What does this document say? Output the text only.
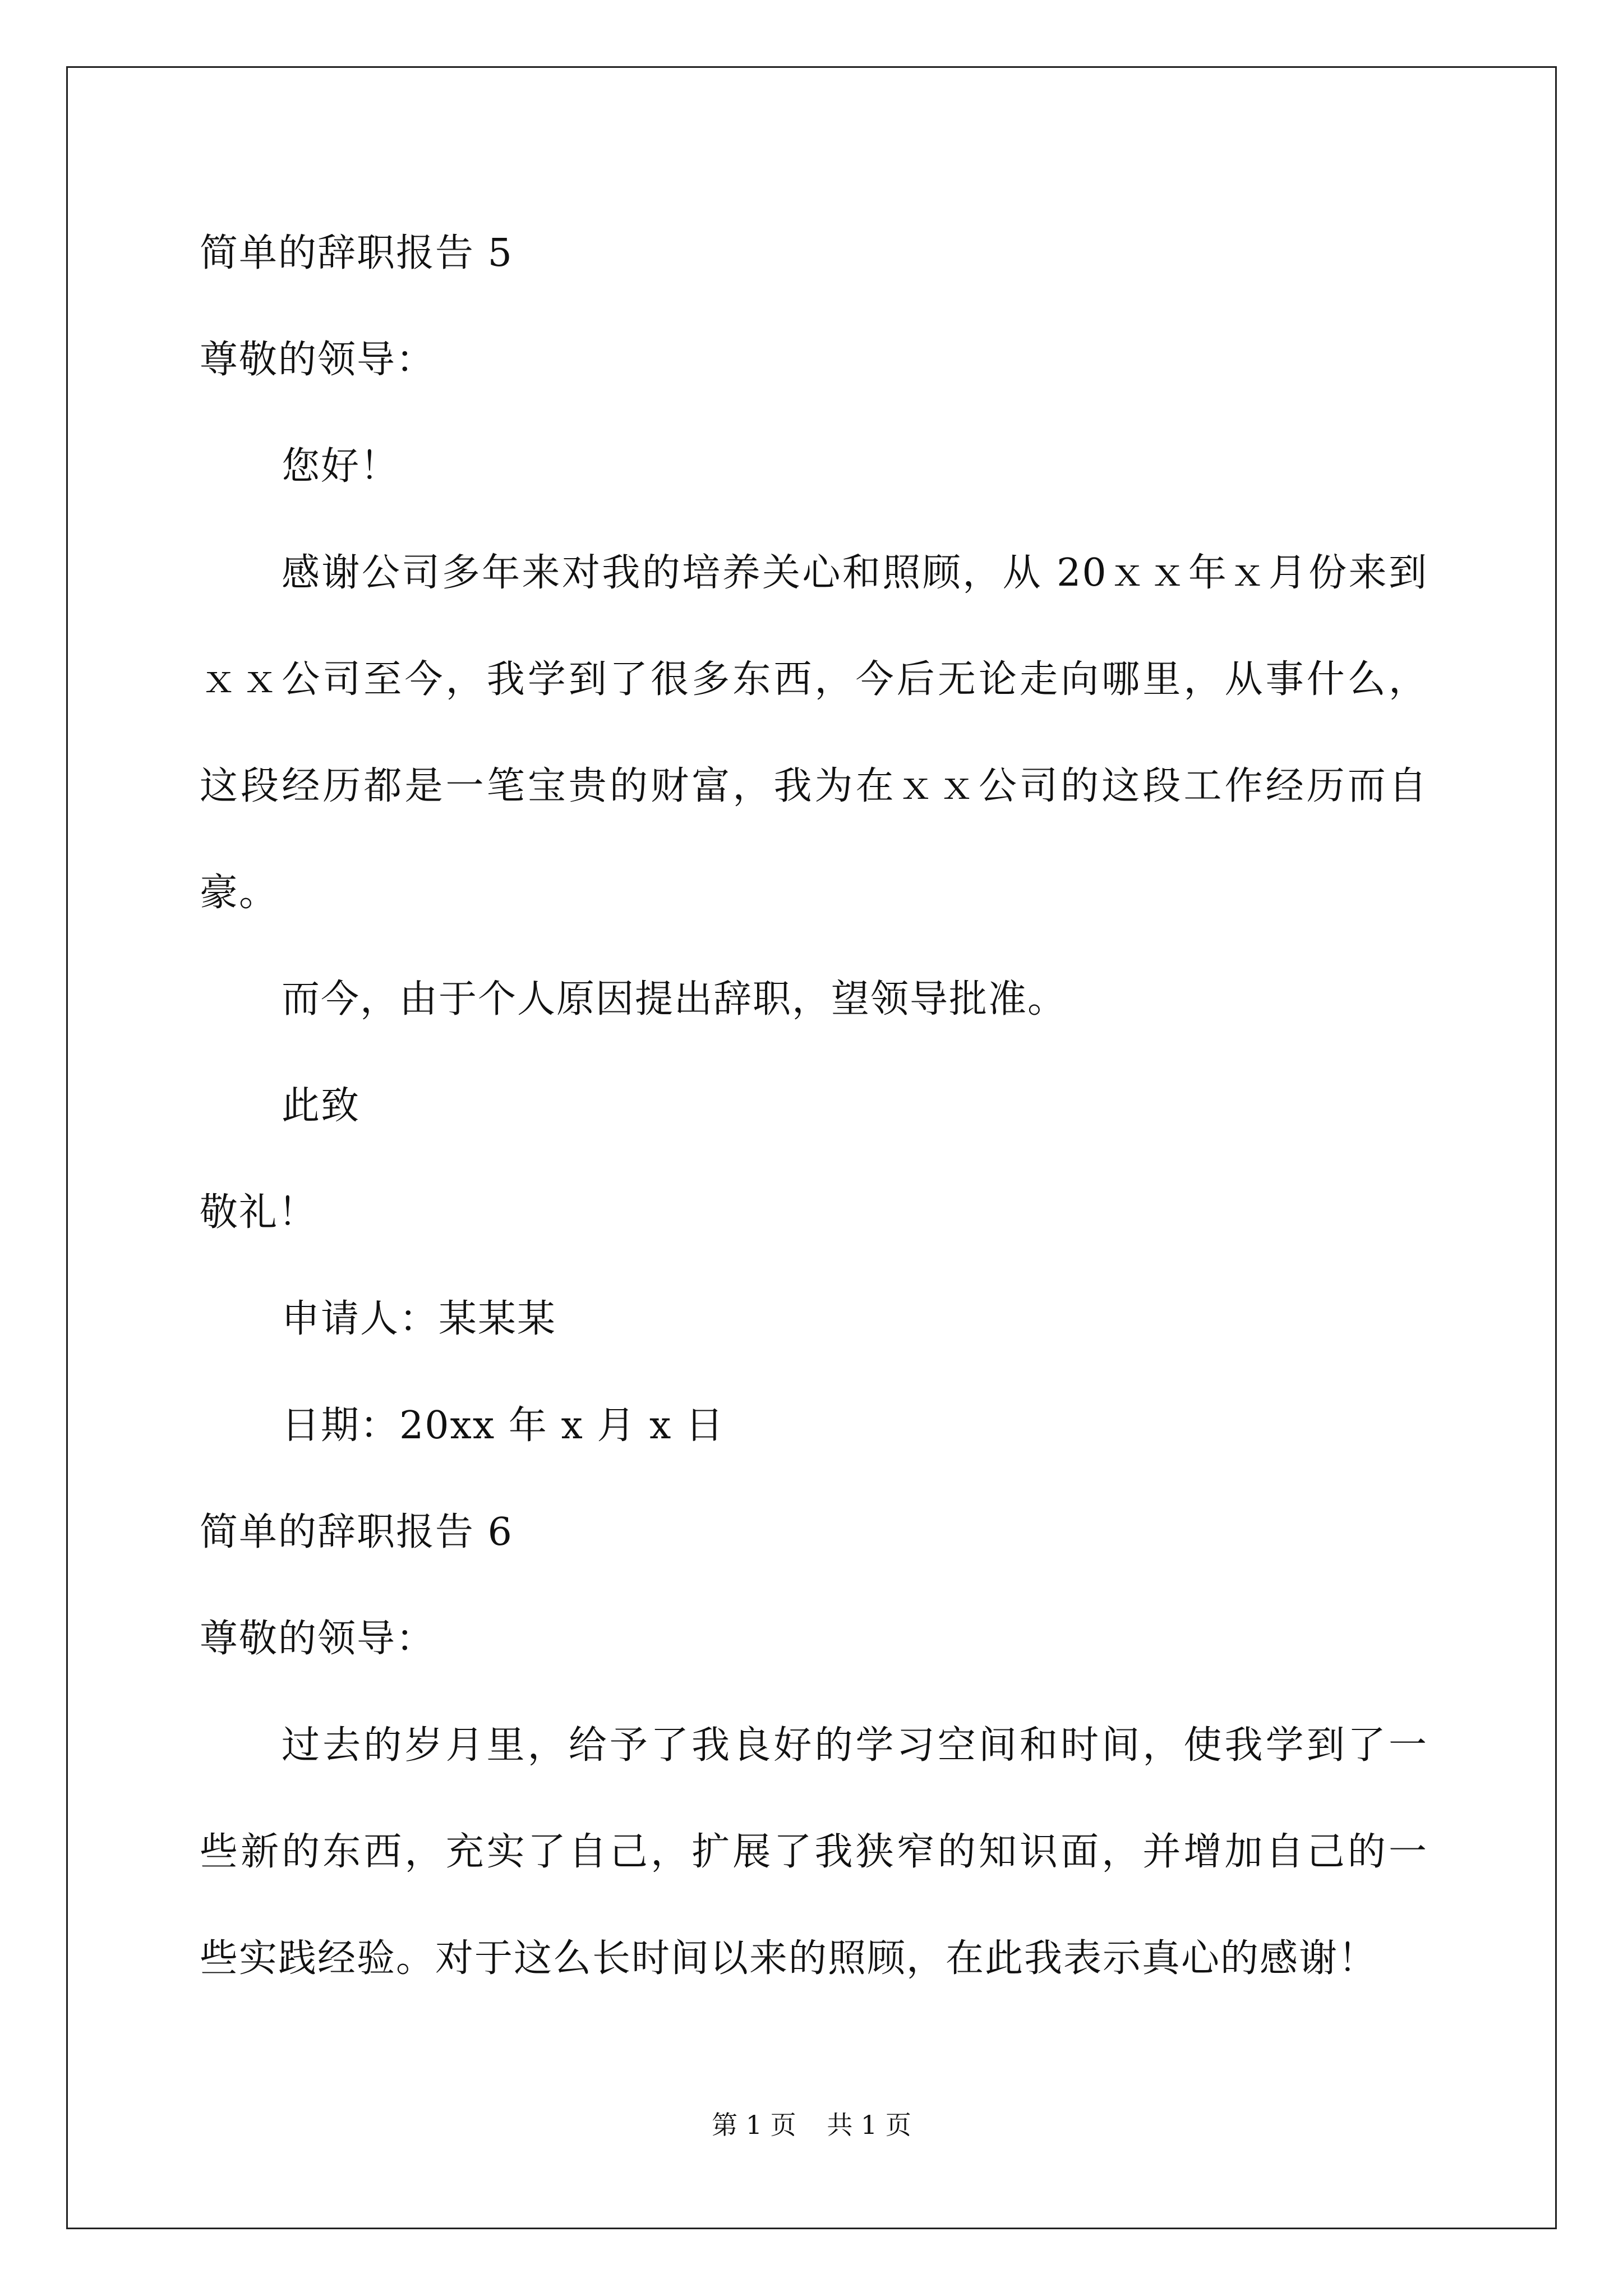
简单的辞职报告 5
尊敬的领导：
您好！
感谢公司多年来对我的培养关心和照顾，从 20ｘｘ年ｘ月份来到
ｘｘ公司至今，我学到了很多东西，今后无论走向哪里，从事什么，
这段经历都是一笔宝贵的财富，我为在ｘｘ公司的这段工作经历而自
豪。
而今，由于个人原因提出辞职，望领导批准。
此致
敬礼！
申请人：某某某
日期：20xx 年 x 月 x 日
简单的辞职报告 6
尊敬的领导：
过去的岁月里，给予了我良好的学习空间和时间，使我学到了一
些新的东西，充实了自己，扩展了我狭窄的知识面，并增加自己的一
些实践经验。对于这么长时间以来的照顾，在此我表示真心的感谢！
第 1 页 共 1 页
